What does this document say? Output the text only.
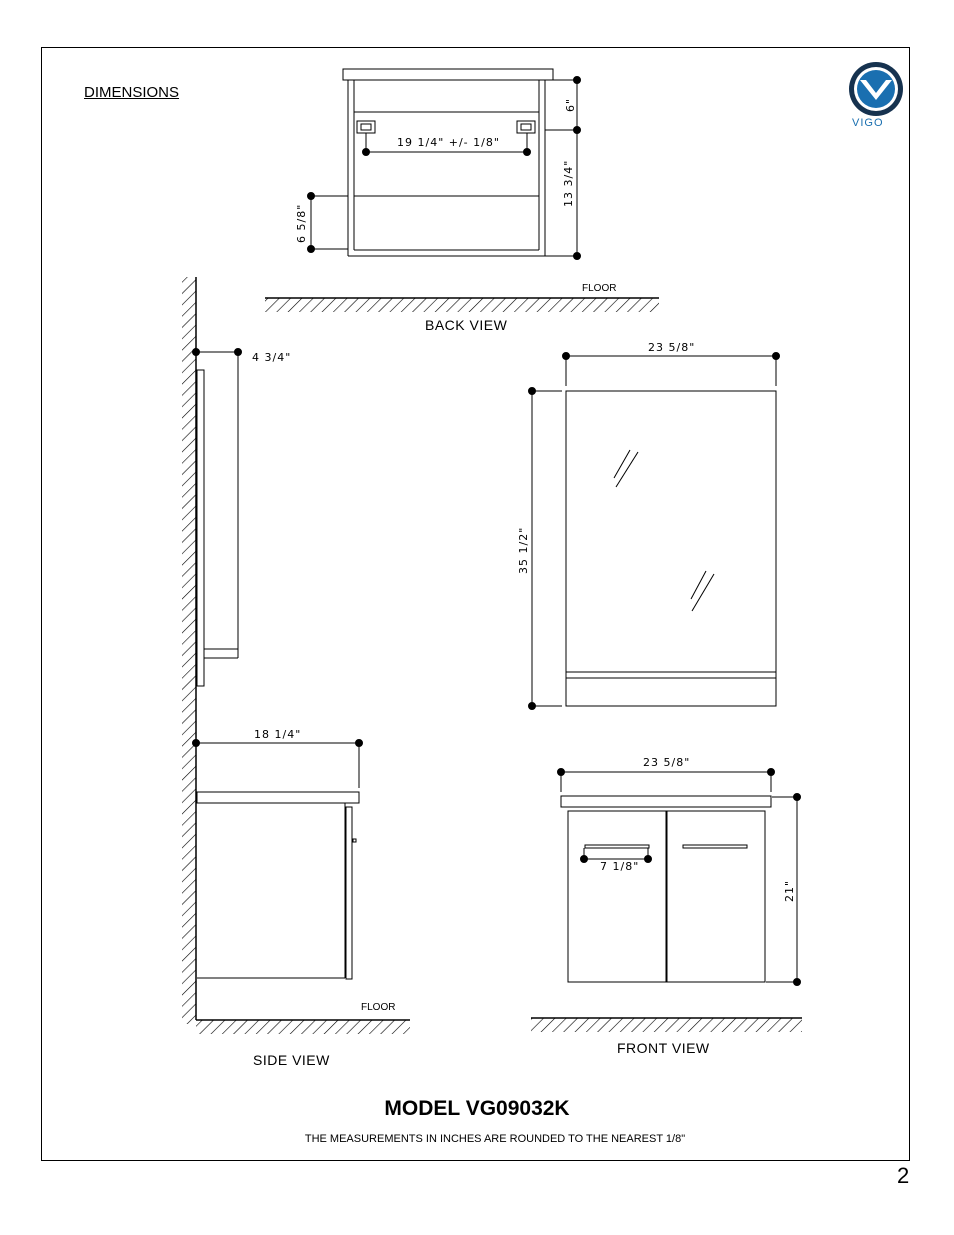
DIMENSIONS
VIGO
6"
19 1/4" +/- 1/8"
13 3/4"
6 5/8"
FLOOR
BACK VIEW
4 3/4"
23 5/8"
35 1/2"
18 1/4"
23 5/8"
7 1/8"
21"
FLOOR
SIDE VIEW
FRONT VIEW
MODEL VG09032K
THE MEASUREMENTS IN INCHES ARE ROUNDED TO THE NEAREST 1/8"
2
